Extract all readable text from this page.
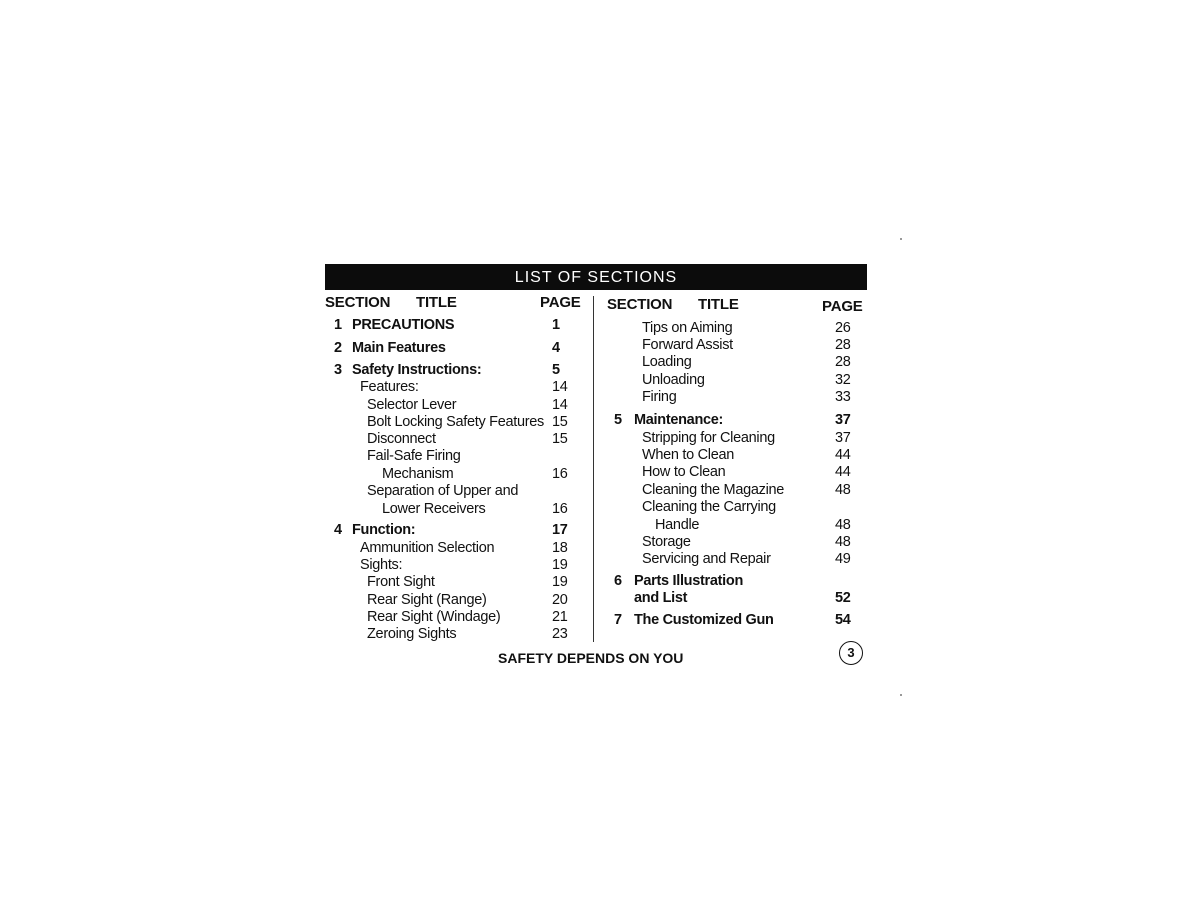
LIST OF SECTIONS
SECTION TITLE	PAGE SECTION TITLE	PAGE
1 PRECAUTIONS	1
2 Main Features	4
3 Safety Instructions:	5
Features:	14
Selector Lever	14
Bolt Locking Safety Features 15
Disconnect	15
Fail-Safe Firing
Mechanism	16
Separation of Upper and
Lower Receivers	16
4 Function:	17
Ammunition Selection	18
Sights:	19
Front Sight	19
Rear Sight (Range)	20
Rear Sight (Windage)	21
Zeroing Sights	23
Tips on Aiming	26
Forward Assist	28
Loading	28
Unloading	32
Firing	33
5 Maintenance:	37
Stripping for Cleaning	37
When to Clean	44
How to Clean	44
Cleaning the Magazine	48
Cleaning the Carrying
Handle	48
Storage	48
Servicing and Repair	49
6 Parts Illustration
and List	52
7 The Customized Gun	54
SAFETY DEPENDS ON YOU	3
